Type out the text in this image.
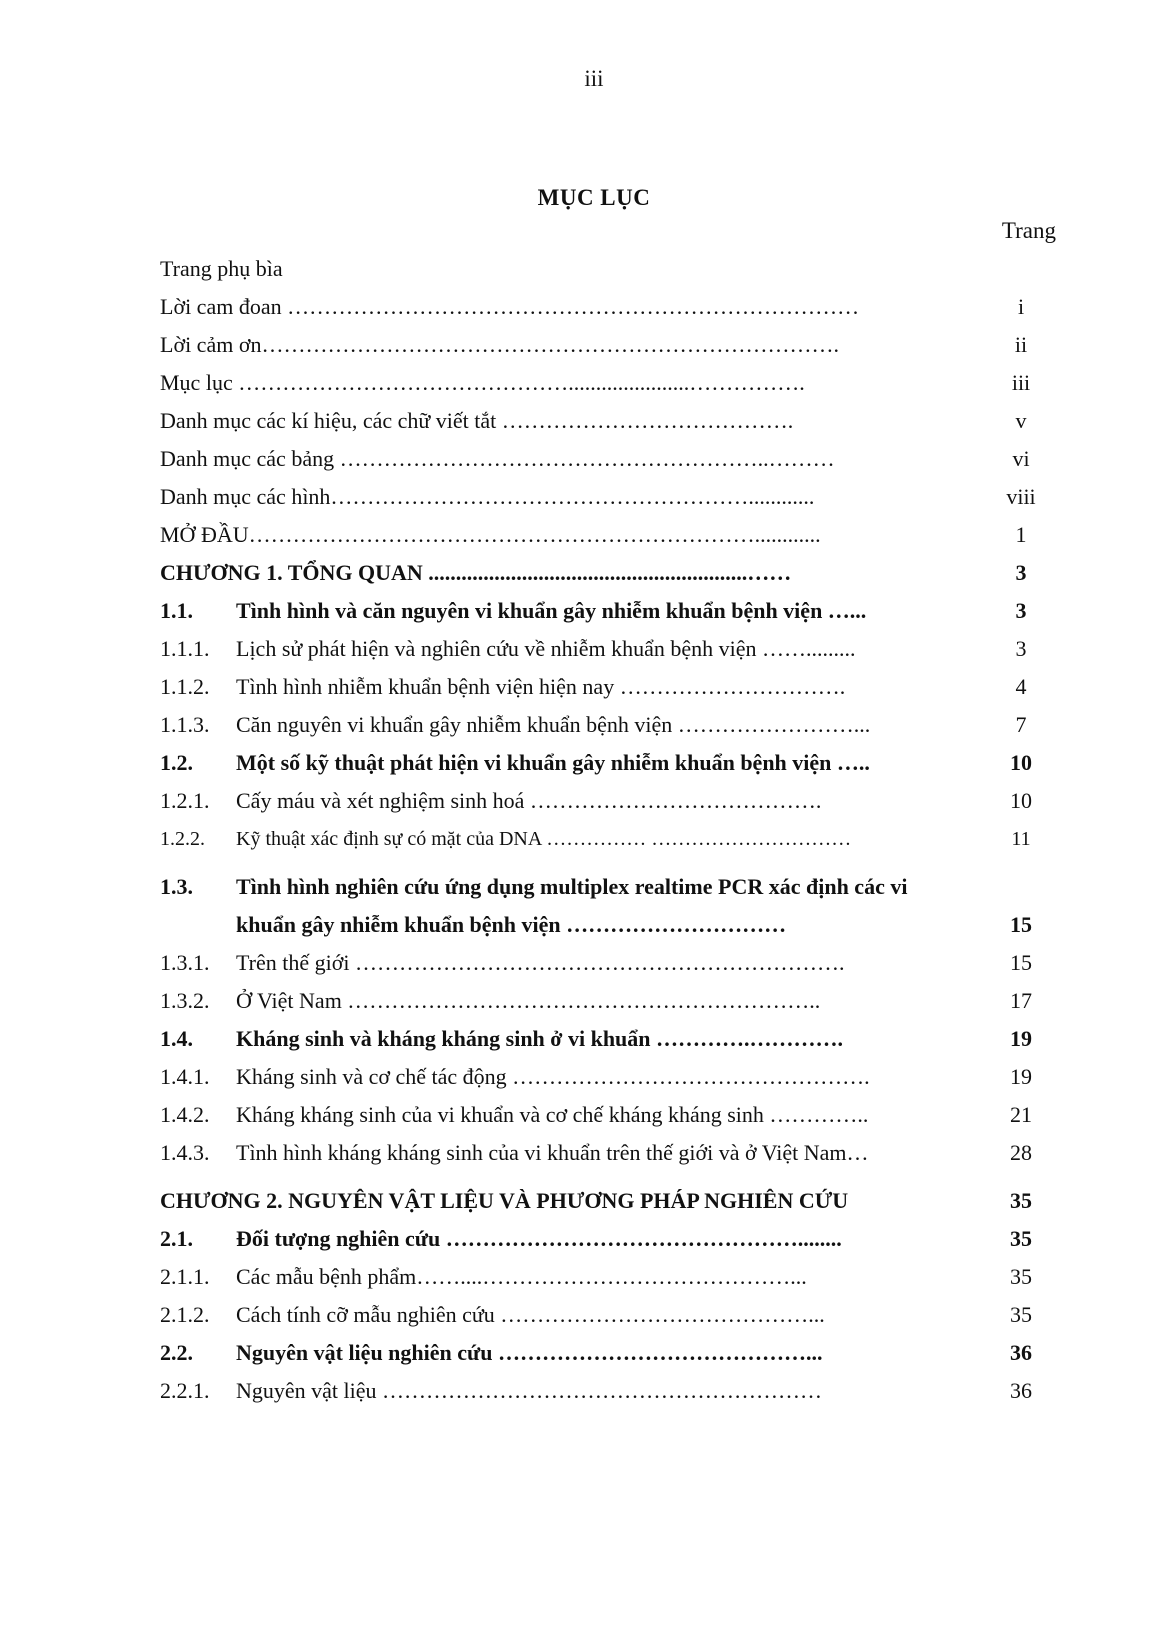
iii
MỤC LỤC
Trang
Trang phụ bìa
Lời cam đoan ……………………………………………………………………	i
Lời cảm ơn…………………………………………………………………….	ii
Mục lục ………………………………………......................…………….	iii
Danh mục các kí hiệu, các chữ viết tắt ………………………………….	v
Danh mục các bảng …………………………………………………..………	vi
Danh mục các hình…………………………………………………............	viii
MỞ ĐẦU……………………………………………………………............	1
CHƯƠNG 1. TỔNG QUAN ..........................................................……	3
1.1.	Tình hình và căn nguyên vi khuẩn gây nhiễm khuẩn bệnh viện …...	3
1.1.1.	Lịch sử phát hiện và nghiên cứu về nhiễm khuẩn bệnh viện …….........	3
1.1.2.	Tình hình nhiễm khuẩn bệnh viện hiện nay ………………………….	4
1.1.3.	Căn nguyên vi khuẩn gây nhiễm khuẩn bệnh viện ……………………...	7
1.2.	Một số kỹ thuật phát hiện vi khuẩn gây nhiễm khuẩn bệnh viện …..	10
1.2.1.	Cấy máu và xét nghiệm sinh hoá ………………………………….	10
1.2.2.	Kỹ thuật xác định sự có mặt của DNA …………… …………………………	11
1.3.	Tình hình nghiên cứu ứng dụng multiplex realtime PCR xác định các vi khuẩn gây nhiễm khuẩn bệnh viện …………………………	15
1.3.1.	Trên thế giới ………………………………………………………….	15
1.3.2.	Ở Việt Nam ………………………………………………………..	17
1.4.	Kháng sinh và kháng kháng sinh ở vi khuẩn ………….………….	19
1.4.1.	Kháng sinh và cơ chế tác động ………………………………………….	19
1.4.2.	Kháng kháng sinh của vi khuẩn và cơ chế kháng kháng sinh …………..	21
1.4.3.	Tình hình kháng kháng sinh của vi khuẩn trên thế giới và ở Việt Nam…	28
CHƯƠNG 2. NGUYÊN VẬT LIỆU VÀ PHƯƠNG PHÁP NGHIÊN CỨU	35
2.1.	Đối tượng nghiên cứu …………………………………………........	35
2.1.1.	Các mẫu bệnh phẩm……....……………………………………...	35
2.1.2.	Cách tính cỡ mẫu nghiên cứu ……………………………………...	35
2.2.	Nguyên vật liệu nghiên cứu ……………………………………...	36
2.2.1.	Nguyên vật liệu ……………………………………………………	36
